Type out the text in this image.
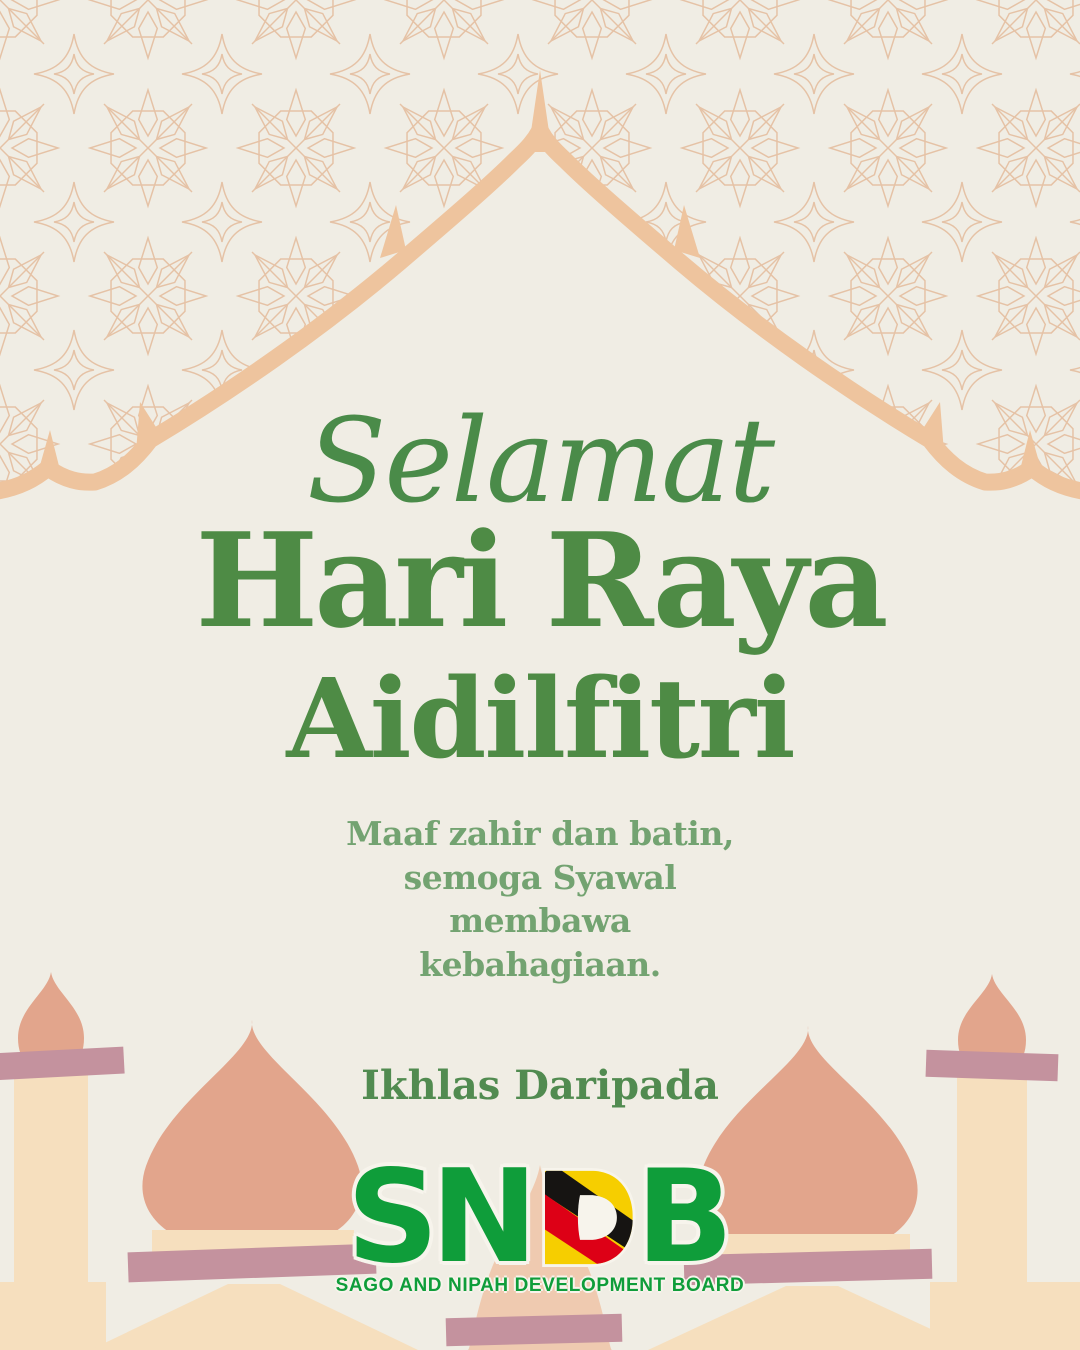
Selamat
Hari Raya
Aidilfitri
Maaf zahir dan batin,
semoga Syawal
membawa
kebahagiaan.
Ikhlas Daripada
S
N B
SAGO AND NIPAH DEVELOPMENT BOARD
